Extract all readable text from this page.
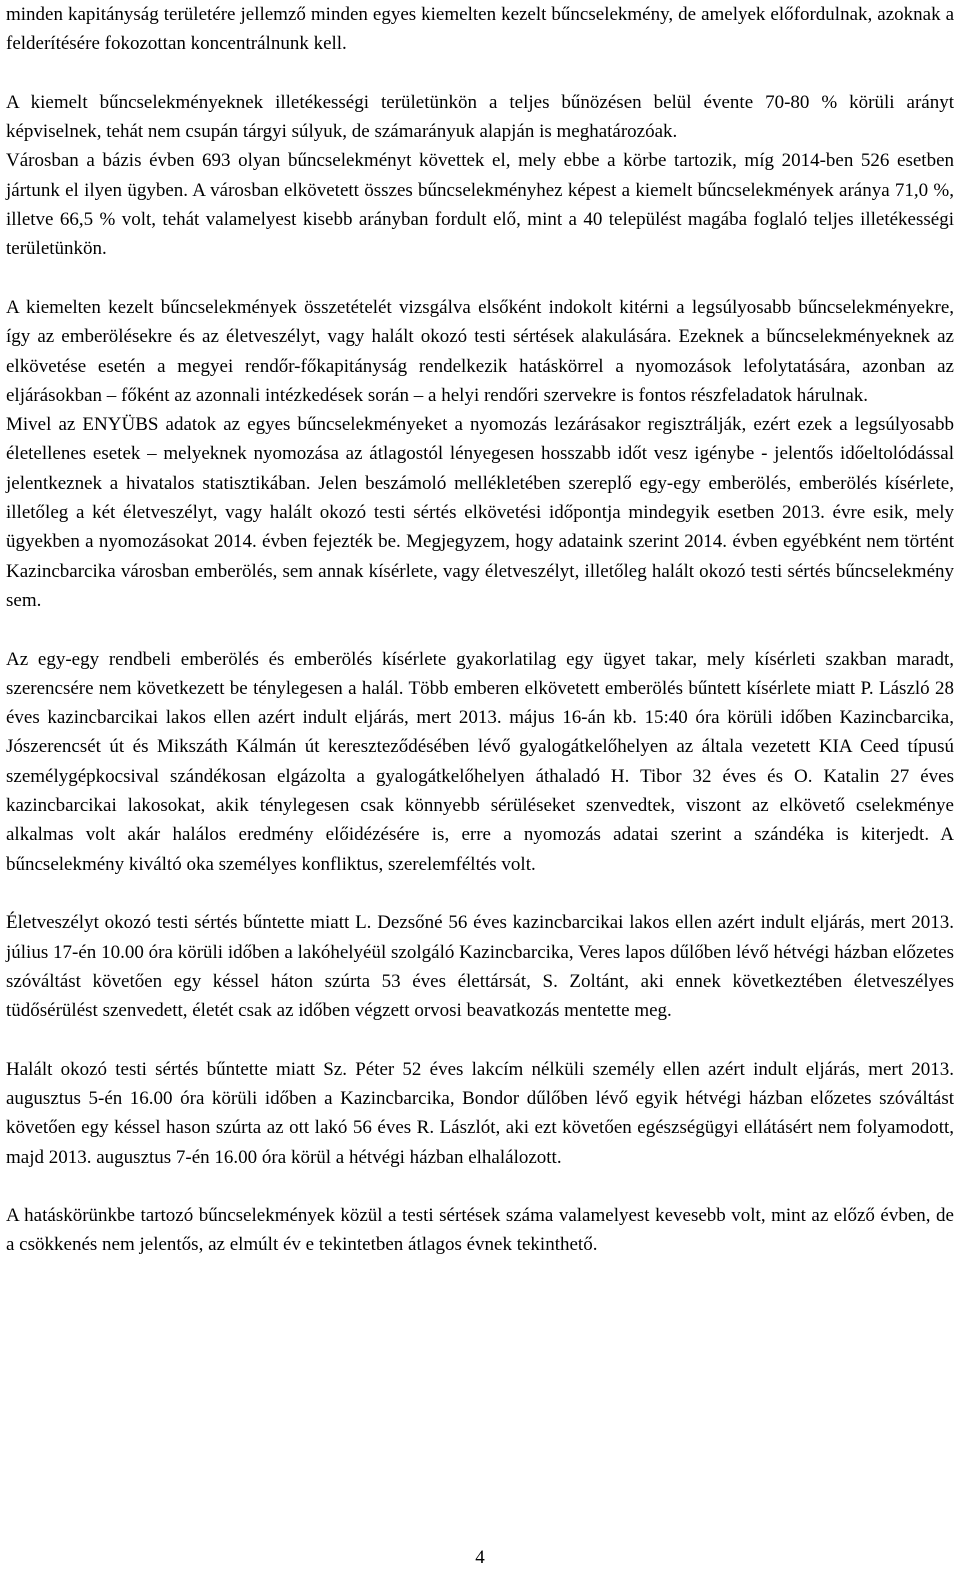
minden kapitányság területére jellemző minden egyes kiemelten kezelt bűncselekmény, de amelyek előfordulnak, azoknak a felderítésére fokozottan koncentrálnunk kell.

A kiemelt bűncselekményeknek illetékességi területünkön a teljes bűnözésen belül évente 70-80 % körüli arányt képviselnek, tehát nem csupán tárgyi súlyuk, de számarányuk alapján is meghatározóak.

Városban a bázis évben 693 olyan bűncselekményt követtek el, mely ebbe a körbe tartozik, míg 2014-ben 526 esetben jártunk el ilyen ügyben. A városban elkövetett összes bűncselekményhez képest a kiemelt bűncselekmények aránya 71,0 %, illetve 66,5 % volt, tehát valamelyest kisebb arányban fordult elő, mint a 40 települést magába foglaló teljes illetékességi területünkön.

A kiemelten kezelt bűncselekmények összetételét vizsgálva elsőként indokolt kitérni a legsúlyosabb bűncselekményekre, így az emberölésekre és az életveszélyt, vagy halált okozó testi sértések alakulására. Ezeknek a bűncselekményeknek az elkövetése esetén a megyei rendőr-főkapitányság rendelkezik hatáskörrel a nyomozások lefolytatására, azonban az eljárásokban – főként az azonnali intézkedések során – a helyi rendőri szervekre is fontos részfeladatok hárulnak.

Mivel az ENYÜBS adatok az egyes bűncselekményeket a nyomozás lezárásakor regisztrálják, ezért ezek a legsúlyosabb életellenes esetek – melyeknek nyomozása az átlagostól lényegesen hosszabb időt vesz igénybe - jelentős időeltolódással jelentkeznek a hivatalos statisztikában. Jelen beszámoló mellékletében szereplő egy-egy emberölés, emberölés kísérlete, illetőleg a két életveszélyt, vagy halált okozó testi sértés elkövetési időpontja mindegyik esetben 2013. évre esik, mely ügyekben a nyomozásokat 2014. évben fejezték be. Megjegyzem, hogy adataink szerint 2014. évben egyébként nem történt Kazincbarcika városban emberölés, sem annak kísérlete, vagy életveszélyt, illetőleg halált okozó testi sértés bűncselekmény sem.

Az egy-egy rendbeli emberölés és emberölés kísérlete gyakorlatilag egy ügyet takar, mely kísérleti szakban maradt, szerencsére nem következett be ténylegesen a halál. Több emberen elkövetett emberölés bűntett kísérlete miatt P. László 28 éves kazincbarcikai lakos ellen azért indult eljárás, mert 2013. május 16-án kb. 15:40 óra körüli időben Kazincbarcika, Jószerencsét út és Mikszáth Kálmán út kereszteződésében lévő gyalogátkelőhelyen az általa vezetett KIA Ceed típusú személygépkocsival szándékosan elgázolta a gyalogátkelőhelyen áthaladó H. Tibor 32 éves és O. Katalin 27 éves kazincbarcikai lakosokat, akik ténylegesen csak könnyebb sérüléseket szenvedtek, viszont az elkövető cselekménye alkalmas volt akár halálos eredmény előidézésére is, erre a nyomozás adatai szerint a szándéka is kiterjedt. A bűncselekmény kiváltó oka személyes konfliktus, szerelemféltés volt.

Életveszélyt okozó testi sértés bűntette miatt L. Dezsőné 56 éves kazincbarcikai lakos ellen azért indult eljárás, mert 2013. július 17-én 10.00 óra körüli időben a lakóhelyéül szolgáló Kazincbarcika, Veres lapos dűlőben lévő hétvégi házban előzetes szóváltást követően egy késsel háton szúrta 53 éves élettársát, S. Zoltánt, aki ennek következtében életveszélyes tüdősérülést szenvedett, életét csak az időben végzett orvosi beavatkozás mentette meg.

Halált okozó testi sértés bűntette miatt Sz. Péter 52 éves lakcím nélküli személy ellen azért indult eljárás, mert 2013. augusztus 5-én 16.00 óra körüli időben a Kazincbarcika, Bondor dűlőben lévő egyik hétvégi házban előzetes szóváltást követően egy késsel hason szúrta az ott lakó 56 éves R. Lászlót, aki ezt követően egészségügyi ellátásért nem folyamodott, majd 2013. augusztus 7-én 16.00 óra körül a hétvégi házban elhalálozott.

A hatáskörünkbe tartozó bűncselekmények közül a testi sértések száma valamelyest kevesebb volt, mint az előző évben, de a csökkenés nem jelentős, az elmúlt év e tekintetben átlagos évnek tekinthető.

4
